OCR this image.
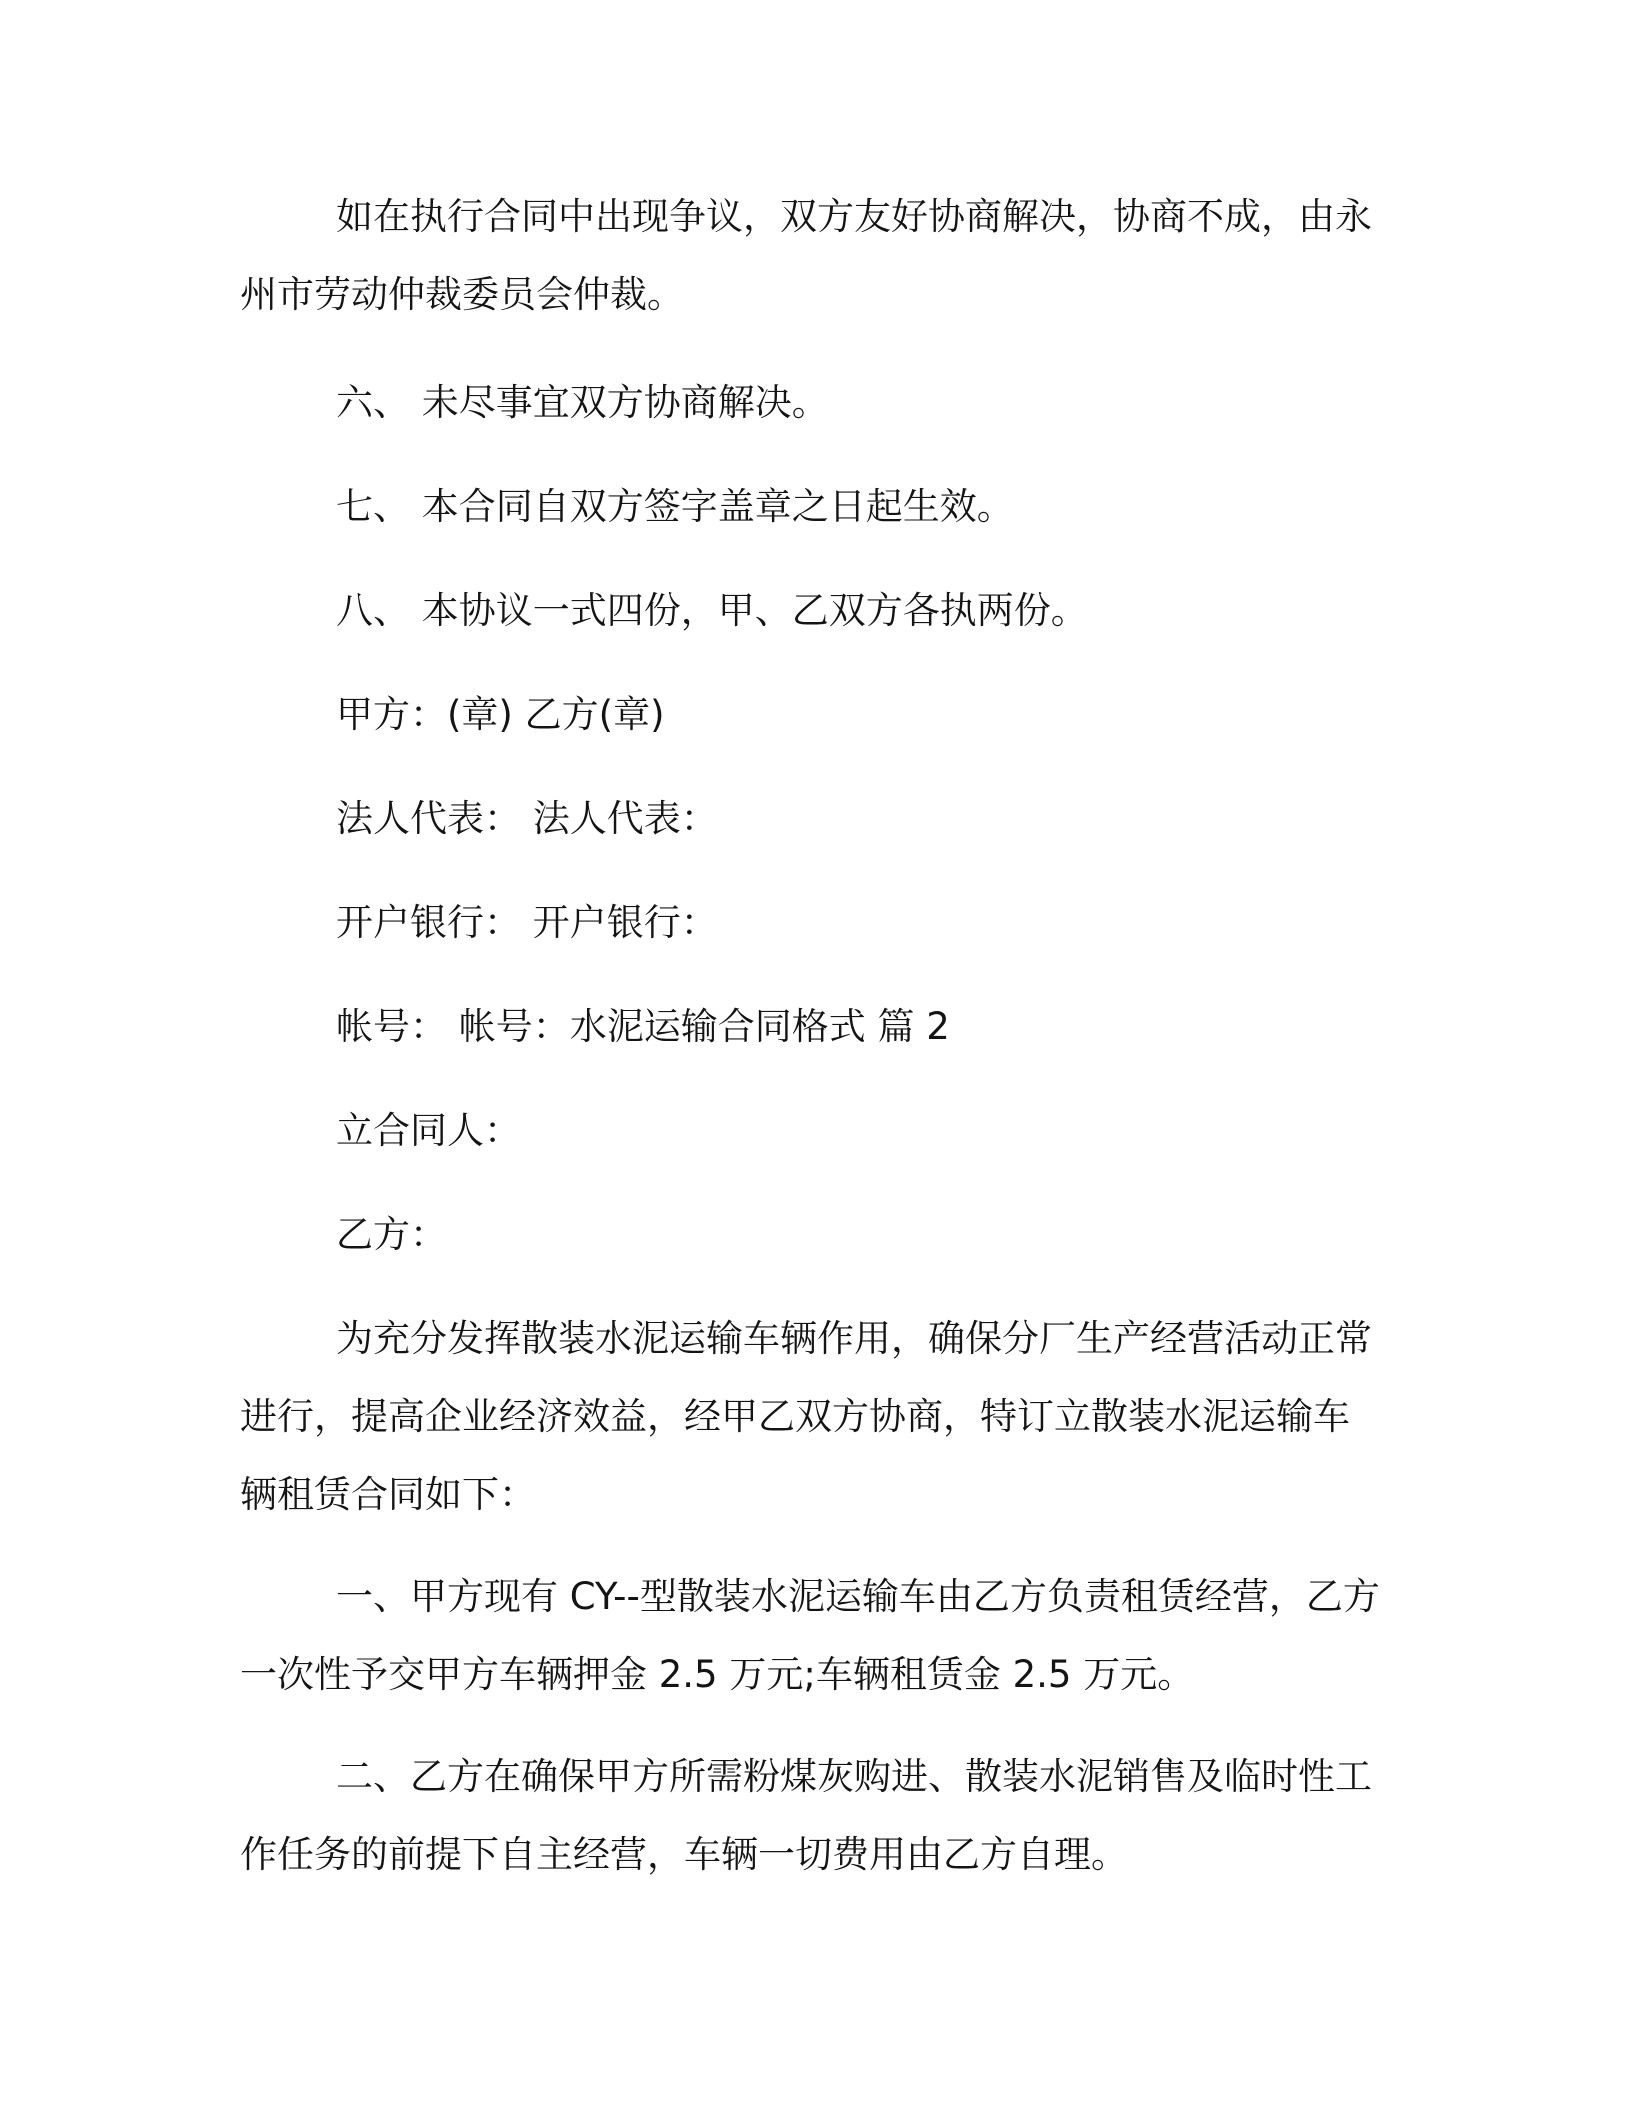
如在执行合同中出现争议，双方友好协商解决，协商不成，由永
州市劳动仲裁委员会仲裁。
六、 未尽事宜双方协商解决。
七、 本合同自双方签字盖章之日起生效。
八、 本协议一式四份，甲、乙双方各执两份。
甲方：(章) 乙方(章)
法人代表： 法人代表：
开户银行： 开户银行：
帐号： 帐号：水泥运输合同格式 篇 2
立合同人：
乙方：
为充分发挥散装水泥运输车辆作用，确保分厂生产经营活动正常
进行，提高企业经济效益，经甲乙双方协商，特订立散装水泥运输车
辆租赁合同如下：
一、甲方现有 CY--型散装水泥运输车由乙方负责租赁经营，乙方
一次性予交甲方车辆押金 2.5 万元;车辆租赁金 2.5 万元。
二、乙方在确保甲方所需粉煤灰购进、散装水泥销售及临时性工
作任务的前提下自主经营，车辆一切费用由乙方自理。
